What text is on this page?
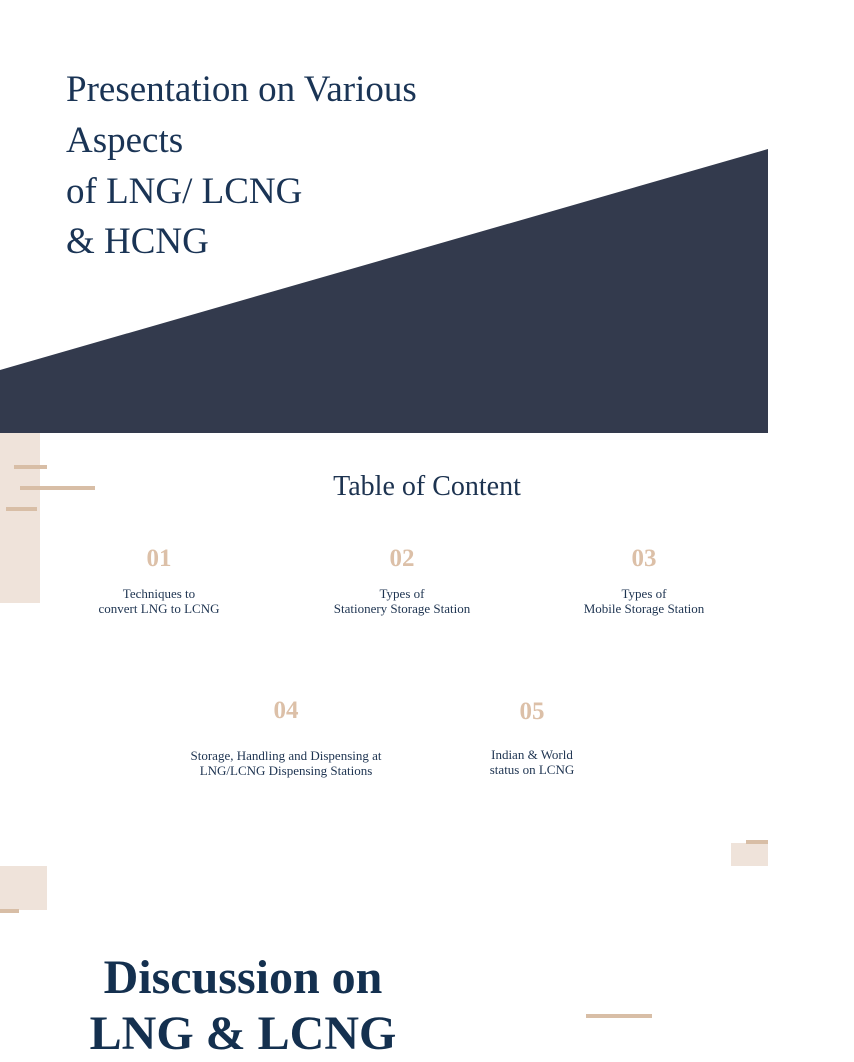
Presentation on Various
Aspects
of LNG/ LCNG
& HCNG
Table of Content
01
Techniques to
convert LNG to LCNG
02
Types of
Stationery Storage Station
03
Types of
Mobile Storage Station
04
Storage, Handling and Dispensing at
LNG/LCNG Dispensing Stations
05
Indian & World
status on LCNG
Discussion on
LNG & LCNG
